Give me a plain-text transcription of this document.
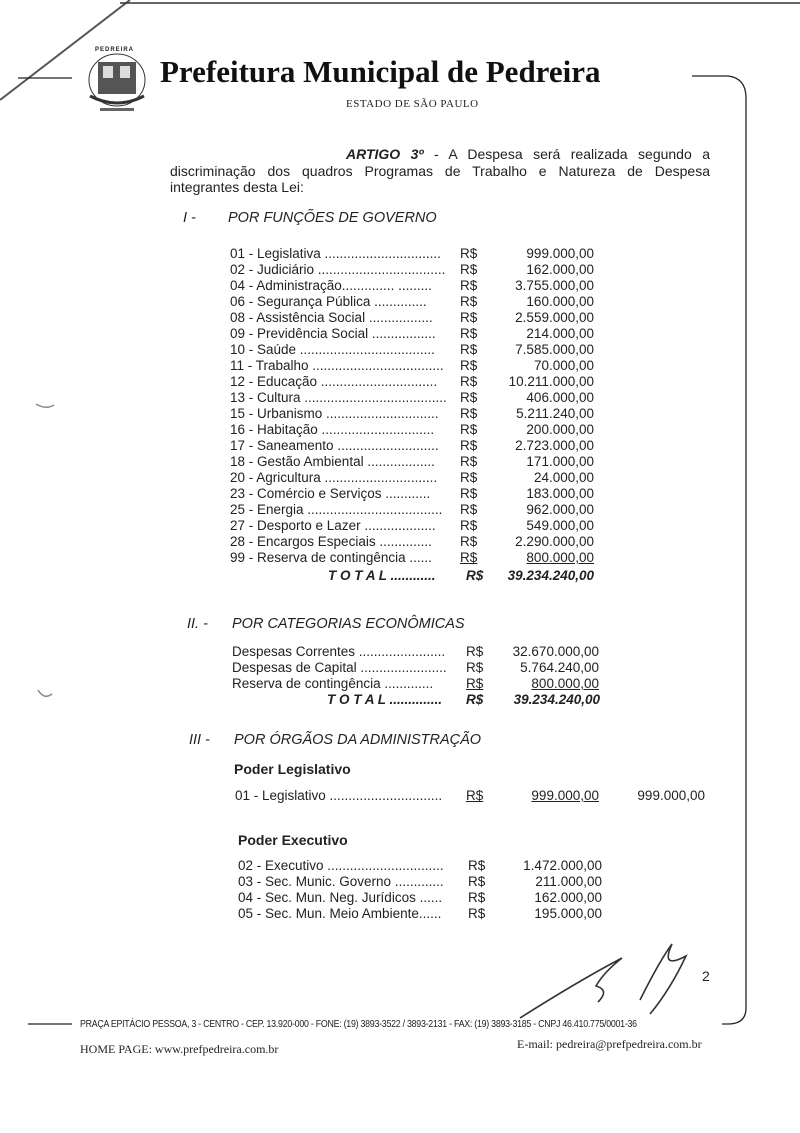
PEDREIRA
Prefeitura Municipal de Pedreira
ESTADO DE SÃO PAULO
ARTIGO 3º - A Despesa será realizada segundo a discriminação dos quadros Programas de Trabalho e Natureza de Despesa integrantes desta Lei:
I - POR FUNÇÕES DE GOVERNO
01 - Legislativa ...............................	R$	999.000,00
02 - Judiciário ..................................	R$	162.000,00
04 - Administração.............. .........	R$	3.755.000,00
06 - Segurança Pública ..............	R$	160.000,00
08 - Assistência Social .................	R$	2.559.000,00
09 - Previdência Social .................	R$	214.000,00
10 - Saúde ....................................	R$	7.585.000,00
11 - Trabalho ...................................	R$	70.000,00
12 - Educação ...............................	R$	10.211.000,00
13 - Cultura ...................................... R$	406.000,00
15 - Urbanismo ..............................	R$	5.211.240,00
16 - Habitação ..............................	R$	200.000,00
17 - Saneamento ...........................	R$	2.723.000,00
18 - Gestão Ambiental ..................	R$	171.000,00
20 - Agricultura ..............................	R$	24.000,00
23 - Comércio e Serviços ............	R$	183.000,00
25 - Energia ....................................	R$	962.000,00
27 - Desporto e Lazer ...................	R$	549.000,00
28 - Encargos Especiais ..............	R$	2.290.000,00
99 - Reserva de contingência ......	R$	800.000,00
T O T A L ............	R$	39.234.240,00
II. - POR CATEGORIAS ECONÔMICAS
Despesas Correntes .......................	R$	32.670.000,00
Despesas de Capital .......................	R$	5.764.240,00
Reserva de contingência .............	R$	800.000,00
T O T A L ..............	R$	39.234.240,00
III - POR ÓRGÃOS DA ADMINISTRAÇÃO
Poder Legislativo
01 - Legislativo ..............................	R$	999.000,00	999.000,00
Poder Executivo
02 - Executivo ...............................	R$	1.472.000,00
03 - Sec. Munic. Governo .............	R$	211.000,00
04 - Sec. Mun. Neg. Jurídicos ......	R$	162.000,00
05 - Sec. Mun. Meio Ambiente......	R$	195.000,00
2
PRAÇA EPITÁCIO PESSOA, 3 - CENTRO - CEP. 13.920-000 - FONE: (19) 3893-3522 / 3893-2131 - FAX: (19) 3893-3185 - CNPJ 46.410.775/0001-36
HOME PAGE: www.prefpedreira.com.br	E-mail: pedreira@prefpedreira.com.br
